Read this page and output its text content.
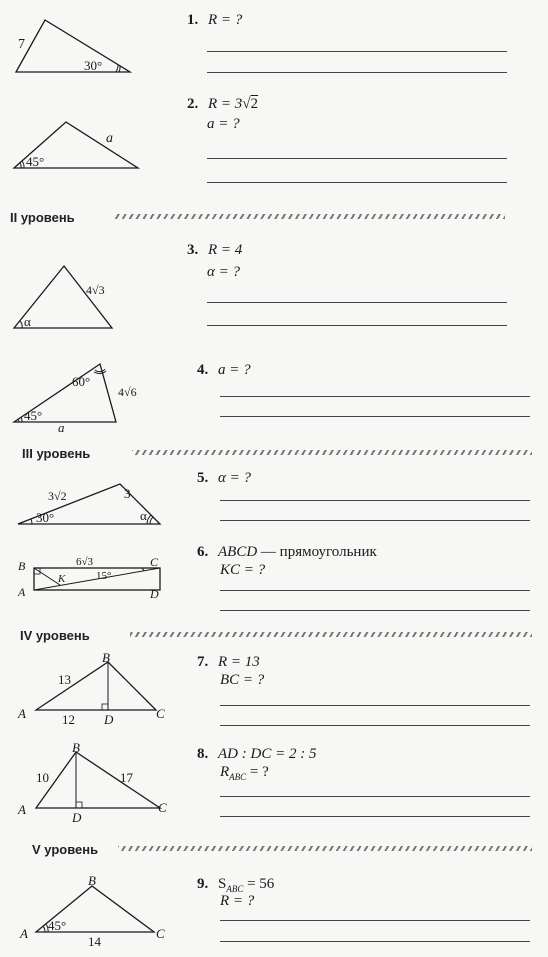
7
30°
1. R = ?
45°
a
2. R = 3√2
a = ?
II уровень
α
4√3
3. R = 4
α = ?
60°
4√6
45°
a
4. a = ?
III уровень
3√2	3
30°	α
5. α = ?
B	C
A	D
K
6√3
15°
6. ABCD — прямоугольник
KC = ?
IV уровень
B
A	C
D
13
12
7. R = 13
BC = ?
B
A	C
D
10	17
8. AD : DC = 2 : 5
$R_{ABC}$ = ?
V уровень
B
A	C
45°
14
9. $S_{ABC} = 56$
R = ?
